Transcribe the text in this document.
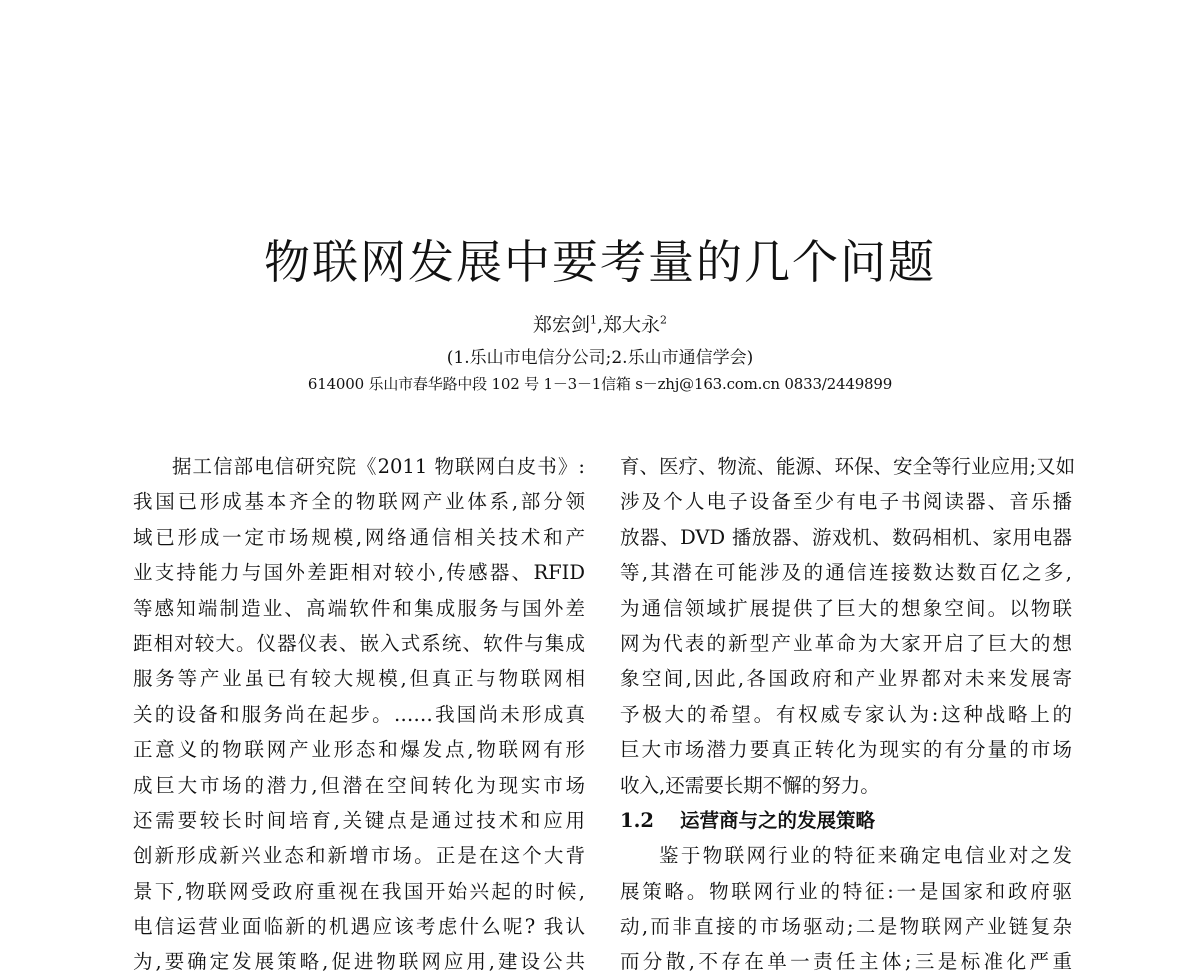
物联网发展中要考量的几个问题
郑宏剑$^1$,郑大永$^2$
(1.乐山市电信分公司;2.乐山市通信学会)
614000 乐山市春华路中段 102 号 1－3－1信箱 s－zhj@163.com.cn 0833/2449899
据工信部电信研究院《2011 物联网白皮书》:
我国已形成基本齐全的物联网产业体系,部分领
域已形成一定市场规模,网络通信相关技术和产
业支持能力与国外差距相对较小,传感器、RFID
等感知端制造业、高端软件和集成服务与国外差
距相对较大。仪器仪表、嵌入式系统、软件与集成
服务等产业虽已有较大规模,但真正与物联网相
关的设备和服务尚在起步。……我国尚未形成真
正意义的物联网产业形态和爆发点,物联网有形
成巨大市场的潜力,但潜在空间转化为现实市场
还需要较长时间培育,关键点是通过技术和应用
创新形成新兴业态和新增市场。正是在这个大背
景下,物联网受政府重视在我国开始兴起的时候,
电信运营业面临新的机遇应该考虑什么呢? 我认
为,要确定发展策略,促进物联网应用,建设公共
育、医疗、物流、能源、环保、安全等行业应用;又如
涉及个人电子设备至少有电子书阅读器、音乐播
放器、DVD 播放器、游戏机、数码相机、家用电器
等,其潜在可能涉及的通信连接数达数百亿之多,
为通信领域扩展提供了巨大的想象空间。以物联
网为代表的新型产业革命为大家开启了巨大的想
象空间,因此,各国政府和产业界都对未来发展寄
予极大的希望。有权威专家认为:这种战略上的
巨大市场潜力要真正转化为现实的有分量的市场
收入,还需要长期不懈的努力。
1.2 运营商与之的发展策略
鉴于物联网行业的特征来确定电信业对之发
展策略。物联网行业的特征:一是国家和政府驱
动,而非直接的市场驱动;二是物联网产业链复杂
而分散,不存在单一责任主体;三是标准化严重
